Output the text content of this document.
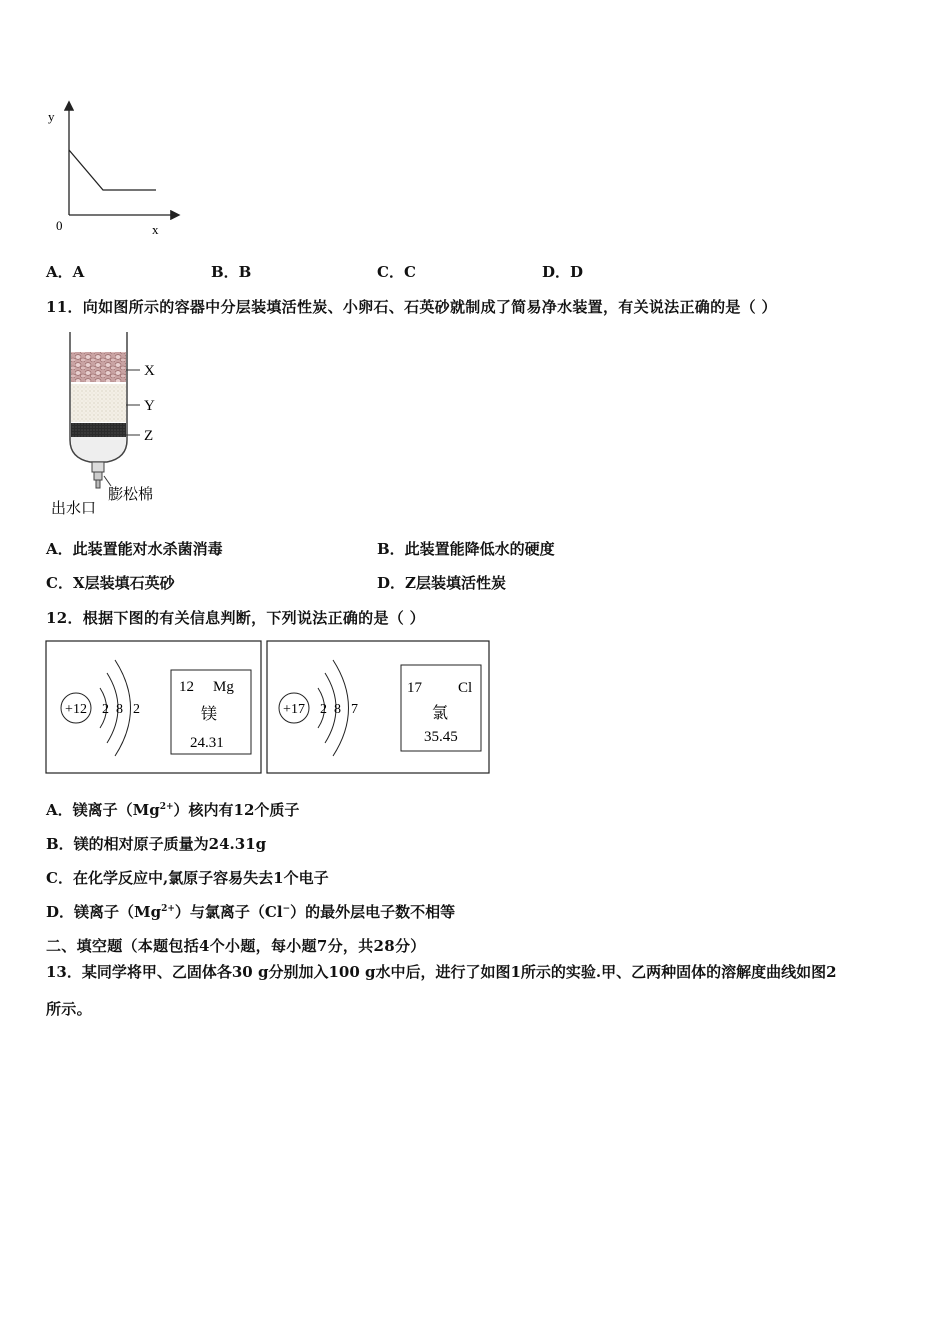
y
x
0
A．A	B．B	C．C	D．D
11．向如图所示的容器中分层装填活性炭、小卵石、石英砂就制成了简易净水装置，有关说法正确的是（ ）
X
Y
Z
膨松棉
出水口
A．此装置能对水杀菌消毒	B．此装置能降低水的硬度
C．X层装填石英砂	D．Z层装填活性炭
12．根据下图的有关信息判断，下列说法正确的是（ ）
+12 2 8 2
12 Mg
镁
24.31
+17 2 8 7
17 Cl
氯
35.45
A．镁离子$(Mg^{2+})$核内有12个质子
B．镁的相对原子质量为24.31g
C．在化学反应中,氯原子容易失去1个电子
D．镁离子$(Mg^{2+})$与氯离子（Cl−）的最外层电子数不相等
二、填空题（本题包括4个小题，每小题7分，共28分）
13．某同学将甲、乙固体各30 g分别加入100 g水中后，进行了如图1所示的实验.甲、乙两种固体的溶解度曲线如图2
所示。
